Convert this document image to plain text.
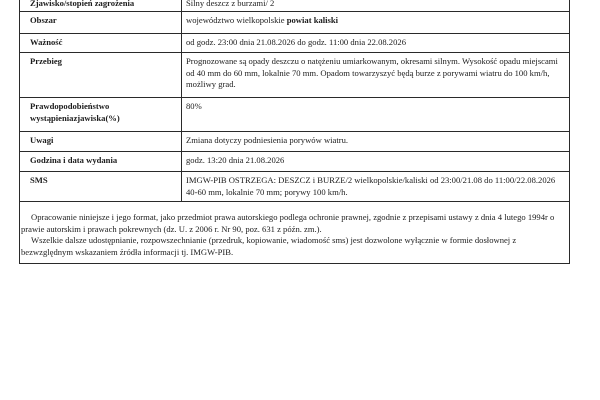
Zjawisko/stopień zagrożenia	Silny deszcz z burzami/ 2
Obszar	województwo wielkopolskie powiat kaliski
Ważność	od godz. 23:00 dnia 21.08.2026 do godz. 11:00 dnia 22.08.2026
Przebieg	Prognozowane są opady deszczu o natężeniu umiarkowanym, okresami silnym. Wysokość opadu miejscami od 40 mm do 60 mm, lokalnie 70 mm. Opadom towarzyszyć będą burze z porywami wiatru do 100 km/h, możliwy grad.
Prawdopodobieństwo wystąpieniazjawiska(%)	80%
Uwagi	Zmiana dotyczy podniesienia porywów wiatru.
Godzina i data wydania	godz. 13:20 dnia 21.08.2026
SMS	IMGW-PIB OSTRZEGA: DESZCZ i BURZE/2 wielkopolskie/kaliski od 23:00/21.08 do 11:00/22.08.2026 40-60 mm, lokalnie 70 mm; porywy 100 km/h.

Opracowanie niniejsze i jego format, jako przedmiot prawa autorskiego podlega ochronie prawnej, zgodnie z przepisami ustawy z dnia 4 lutego 1994r o prawie autorskim i prawach pokrewnych (dz. U. z 2006 r. Nr 90, poz. 631 z późn. zm.).

Wszelkie dalsze udostępnianie, rozpowszechnianie (przedruk, kopiowanie, wiadomość sms) jest dozwolone wyłącznie w formie dosłownej z bezwzględnym wskazaniem źródła informacji tj. IMGW-PIB.
